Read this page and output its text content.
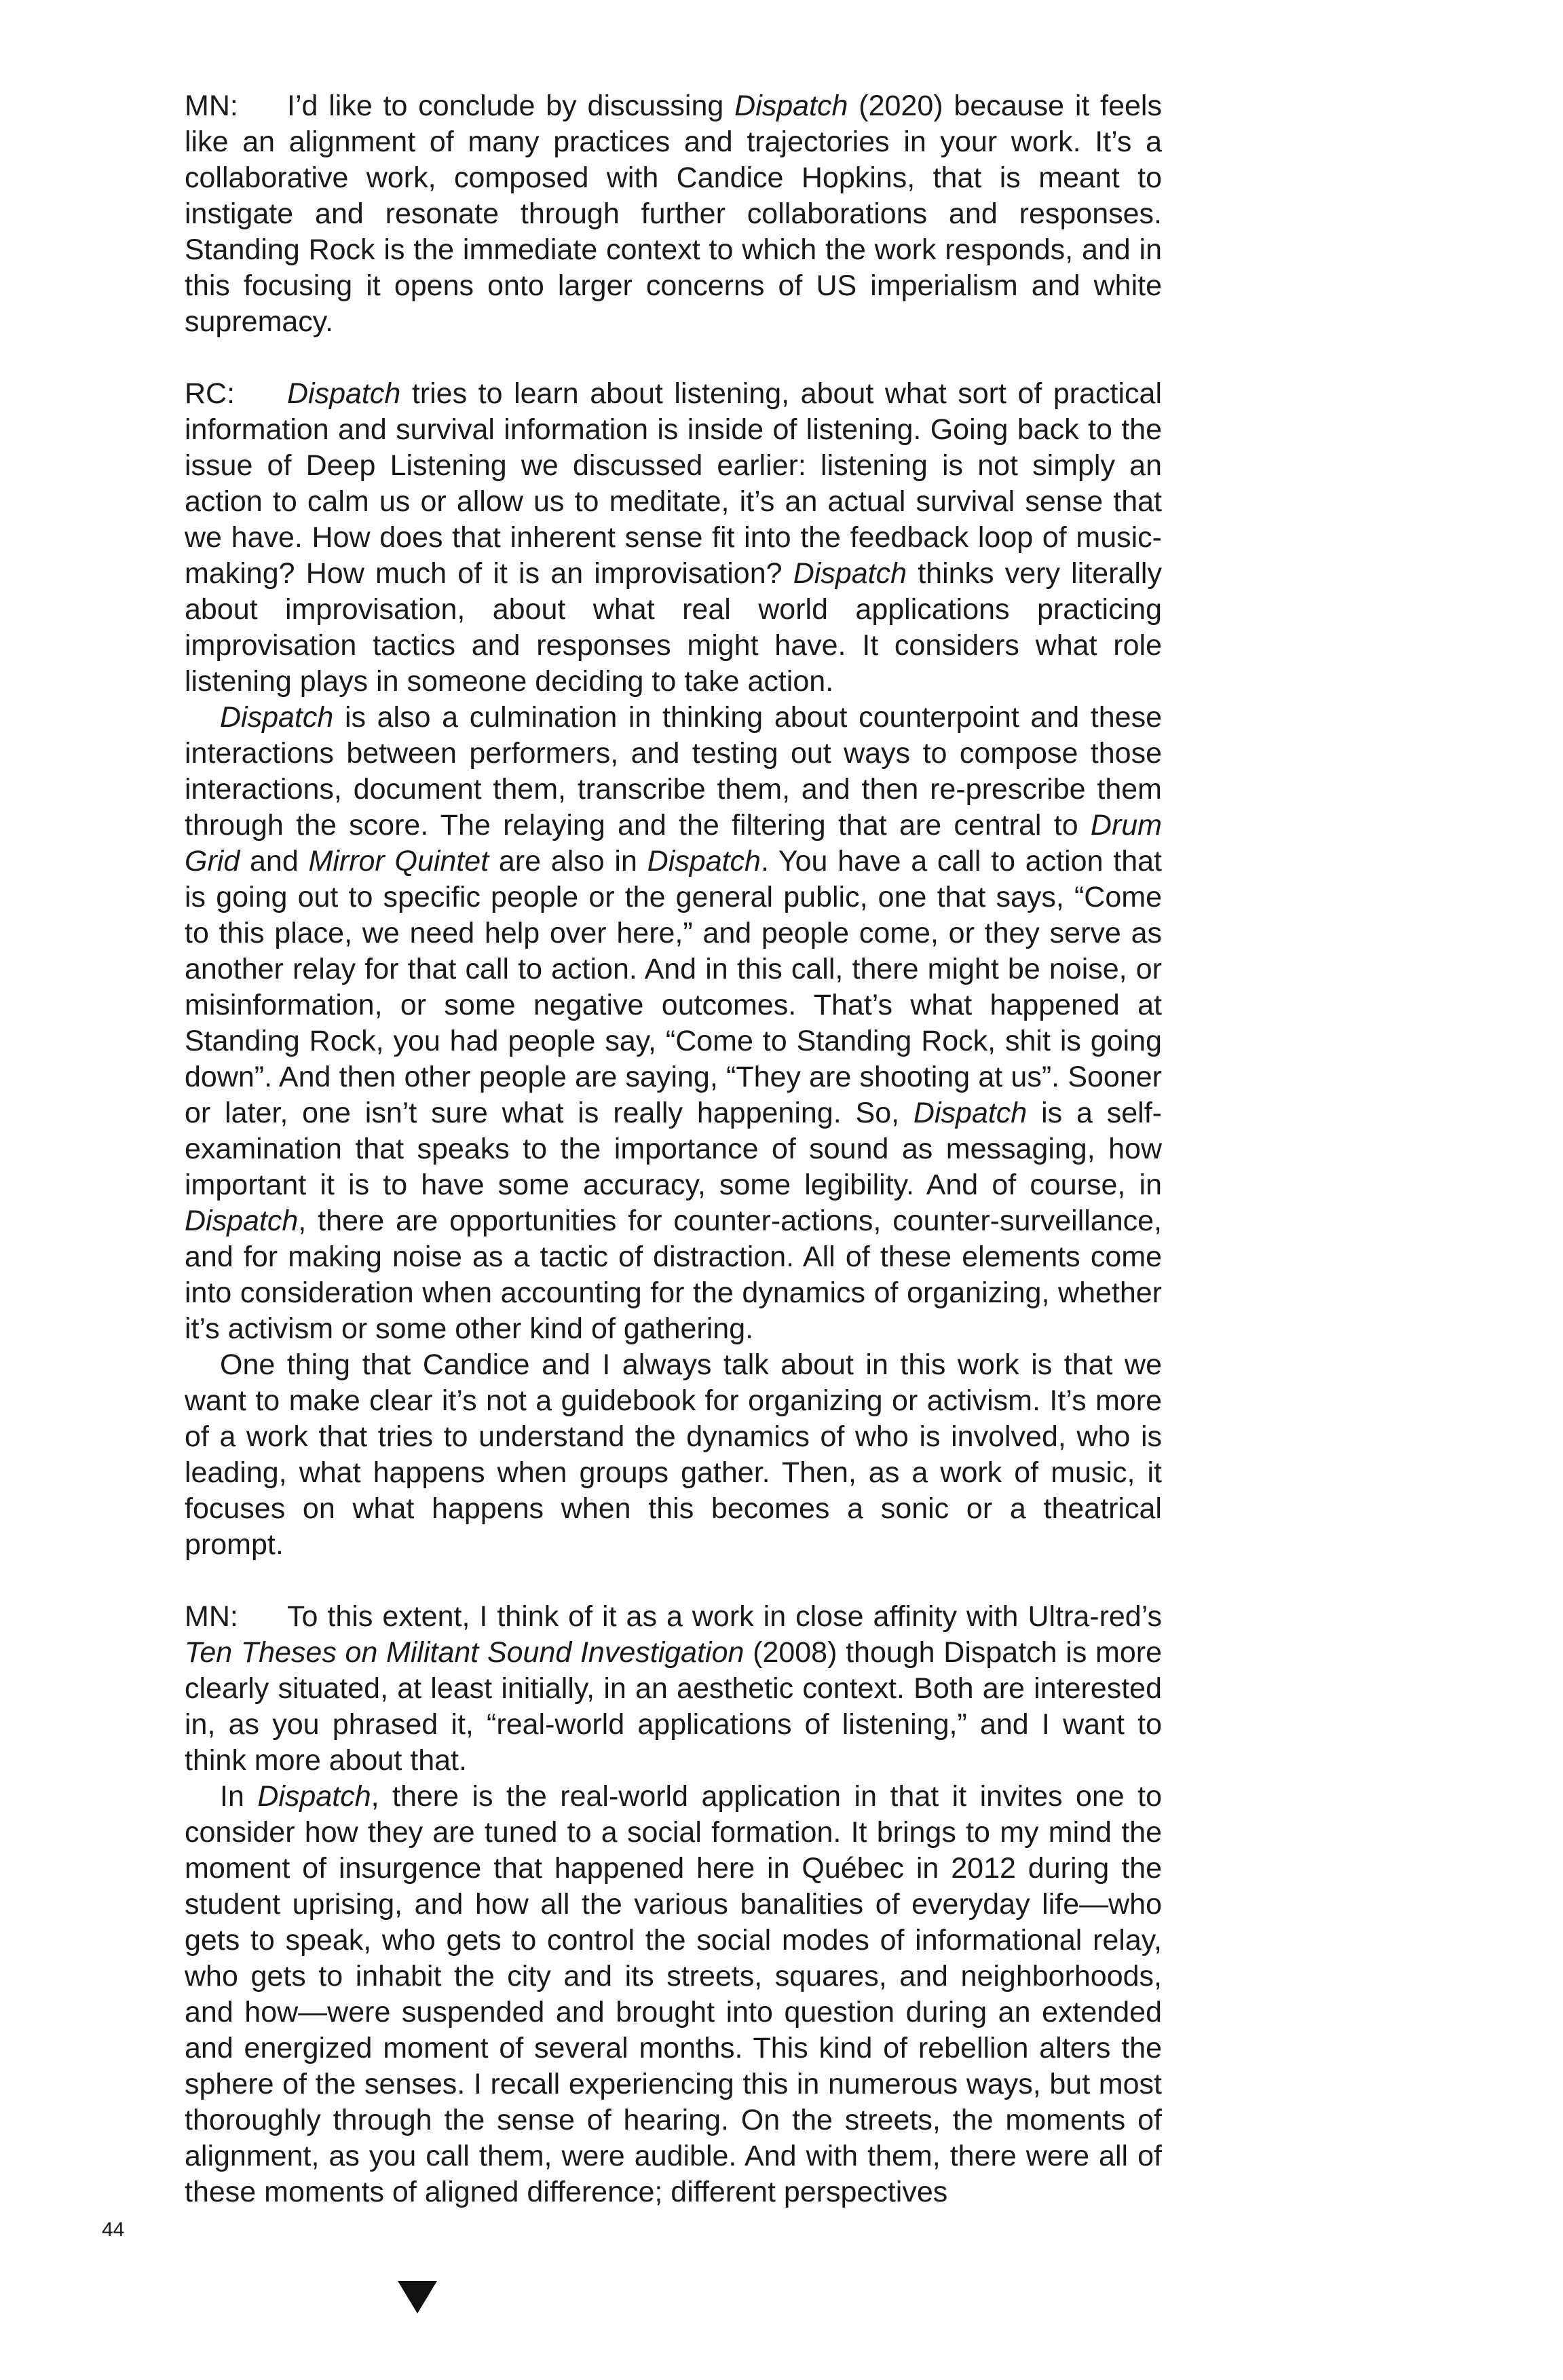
MN: I’d like to conclude by discussing Dispatch (2020) because it feels like an alignment of many practices and trajectories in your work. It’s a collaborative work, composed with Candice Hopkins, that is meant to instigate and resonate through further collaborations and responses. Standing Rock is the immediate context to which the work responds, and in this focusing it opens onto larger concerns of US imperialism and white supremacy.

RC: Dispatch tries to learn about listening, about what sort of practical information and survival information is inside of listening. Going back to the issue of Deep Listening we discussed earlier: listening is not simply an action to calm us or allow us to meditate, it’s an actual survival sense that we have. How does that inherent sense fit into the feedback loop of music-making? How much of it is an improvisation? Dispatch thinks very literally about improvisation, about what real world applications practicing improvisation tactics and responses might have. It considers what role listening plays in someone deciding to take action.

Dispatch is also a culmination in thinking about counterpoint and these interactions between performers, and testing out ways to compose those interactions, document them, transcribe them, and then re-prescribe them through the score. The relaying and the filtering that are central to Drum Grid and Mirror Quintet are also in Dispatch. You have a call to action that is going out to specific people or the general public, one that says, “Come to this place, we need help over here,” and people come, or they serve as another relay for that call to action. And in this call, there might be noise, or misinformation, or some negative outcomes. That’s what happened at Standing Rock, you had people say, “Come to Standing Rock, shit is going down”. And then other people are saying, “They are shooting at us”. Sooner or later, one isn’t sure what is really happening. So, Dispatch is a self-examination that speaks to the importance of sound as messaging, how important it is to have some accuracy, some legibility. And of course, in Dispatch, there are opportunities for counter-actions, counter-surveillance, and for making noise as a tactic of distraction. All of these elements come into consideration when accounting for the dynamics of organizing, whether it’s activism or some other kind of gathering.

One thing that Candice and I always talk about in this work is that we want to make clear it’s not a guidebook for organizing or activism. It’s more of a work that tries to understand the dynamics of who is involved, who is leading, what happens when groups gather. Then, as a work of music, it focuses on what happens when this becomes a sonic or a theatrical prompt.

MN: To this extent, I think of it as a work in close affinity with Ultra-red’s Ten Theses on Militant Sound Investigation (2008) though Dispatch is more clearly situated, at least initially, in an aesthetic context. Both are interested in, as you phrased it, “real-world applications of listening,” and I want to think more about that.

In Dispatch, there is the real-world application in that it invites one to consider how they are tuned to a social formation. It brings to my mind the moment of insurgence that happened here in Québec in 2012 during the student uprising, and how all the various banalities of everyday life—who gets to speak, who gets to control the social modes of informational relay, who gets to inhabit the city and its streets, squares, and neighborhoods, and how—were suspended and brought into question during an extended and energized moment of several months. This kind of rebellion alters the sphere of the senses. I recall experiencing this in numerous ways, but most thoroughly through the sense of hearing. On the streets, the moments of alignment, as you call them, were audible. And with them, there were all of these moments of aligned difference; different perspectives

44
